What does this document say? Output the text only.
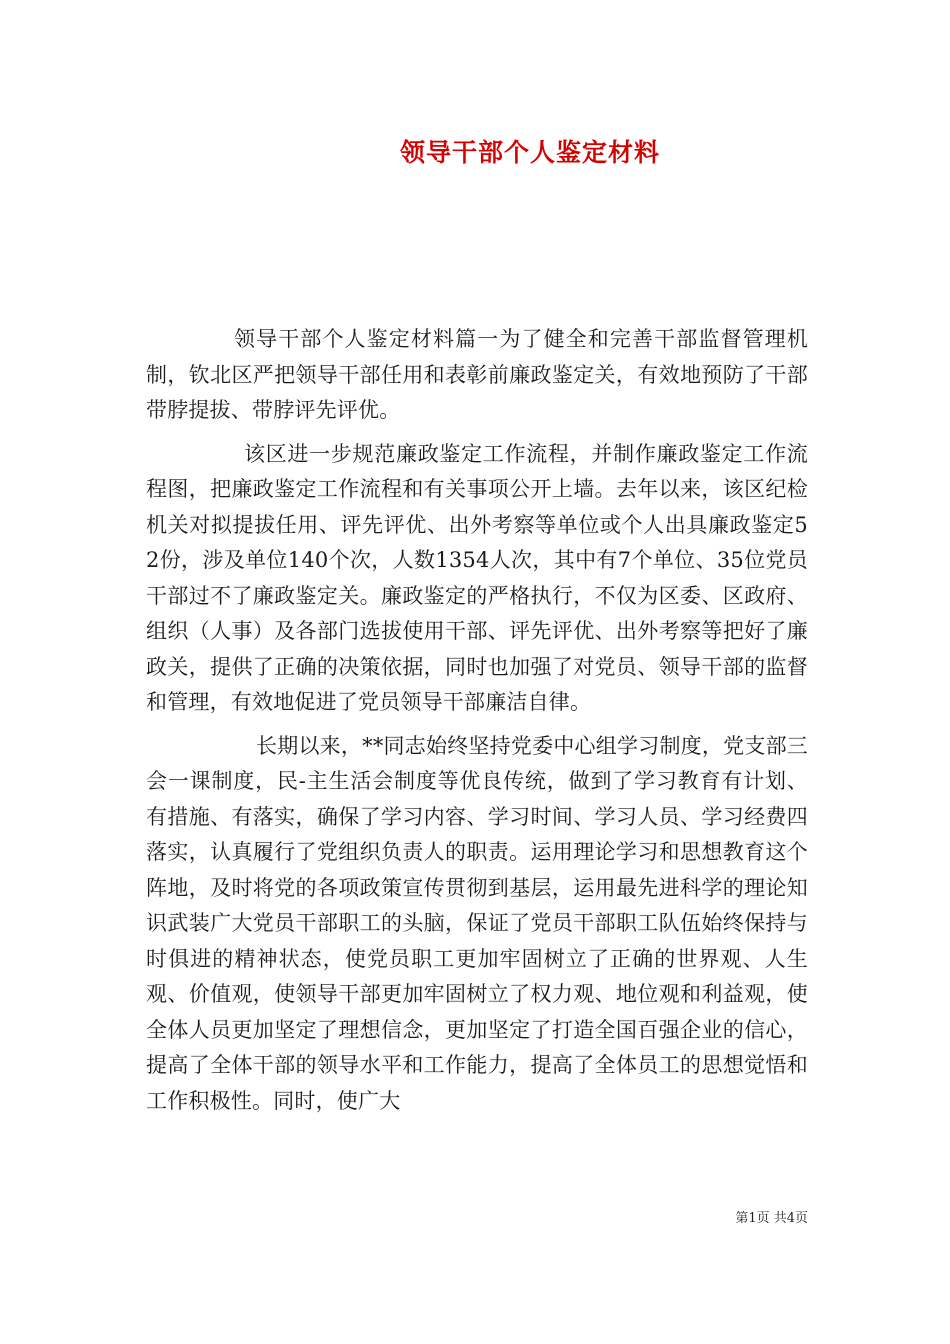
领导干部个人鉴定材料

领导干部个人鉴定材料篇一为了健全和完善干部监督管理机制，钦北区严把领导干部任用和表彰前廉政鉴定关，有效地预防了干部带脖提拔、带脖评先评优。

该区进一步规范廉政鉴定工作流程，并制作廉政鉴定工作流程图，把廉政鉴定工作流程和有关事项公开上墙。去年以来，该区纪检机关对拟提拔任用、评先评优、出外考察等单位或个人出具廉政鉴定52份，涉及单位140个次，人数1354人次，其中有7个单位、35位党员干部过不了廉政鉴定关。廉政鉴定的严格执行，不仅为区委、区政府、组织（人事）及各部门选拔使用干部、评先评优、出外考察等把好了廉政关，提供了正确的决策依据，同时也加强了对党员、领导干部的监督和管理，有效地促进了党员领导干部廉洁自律。

长期以来，**同志始终坚持党委中心组学习制度，党支部三会一课制度，民-主生活会制度等优良传统，做到了学习教育有计划、有措施、有落实，确保了学习内容、学习时间、学习人员、学习经费四落实，认真履行了党组织负责人的职责。运用理论学习和思想教育这个阵地，及时将党的各项政策宣传贯彻到基层，运用最先进科学的理论知识武装广大党员干部职工的头脑，保证了党员干部职工队伍始终保持与时俱进的精神状态，使党员职工更加牢固树立了正确的世界观、人生观、价值观，使领导干部更加牢固树立了权力观、地位观和利益观，使全体人员更加坚定了理想信念，更加坚定了打造全国百强企业的信心，提高了全体干部的领导水平和工作能力，提高了全体员工的思想觉悟和工作积极性。同时，使广大

第1页 共4页
